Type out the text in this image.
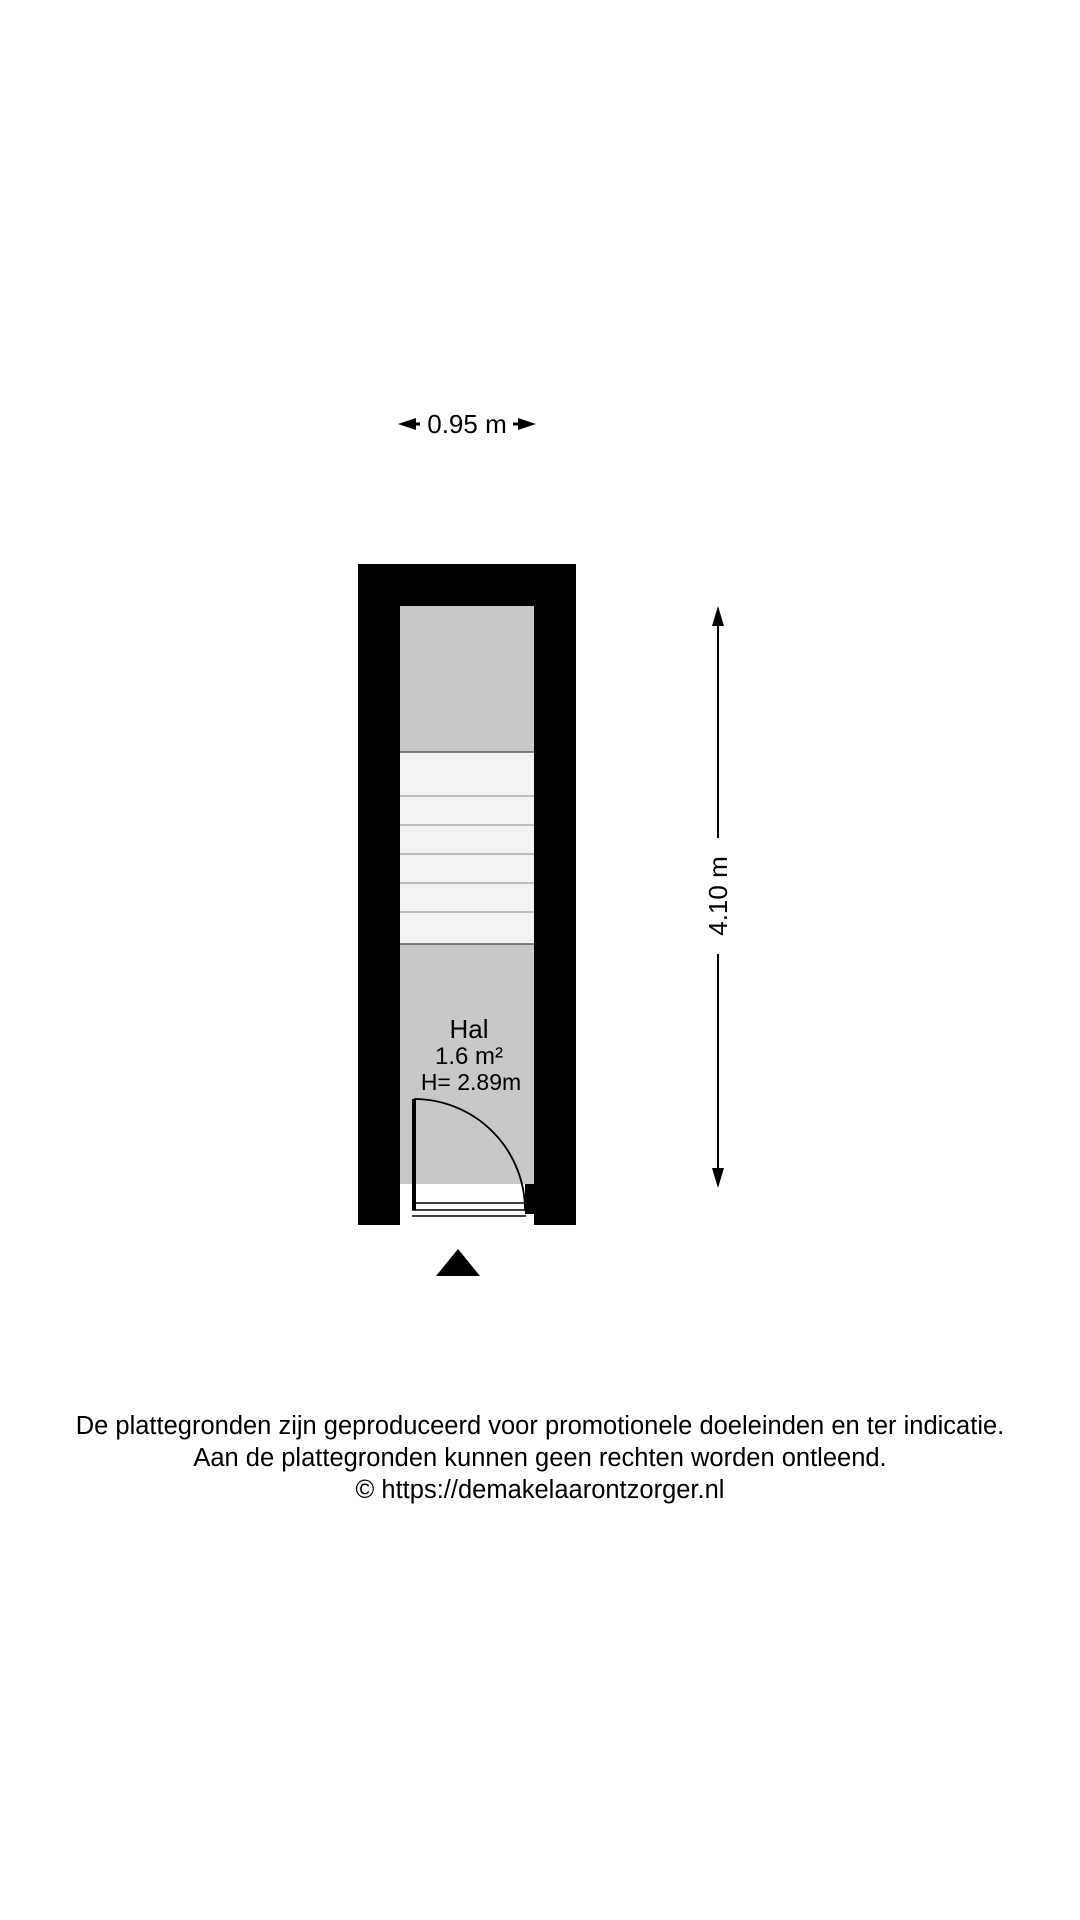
0.95 m
Hal
1.6 m²
H= 2.89m
4.10 m
De plattegronden zijn geproduceerd voor promotionele doeleinden en ter indicatie.
Aan de plattegronden kunnen geen rechten worden ontleend.
© https://demakelaarontzorger.nl
